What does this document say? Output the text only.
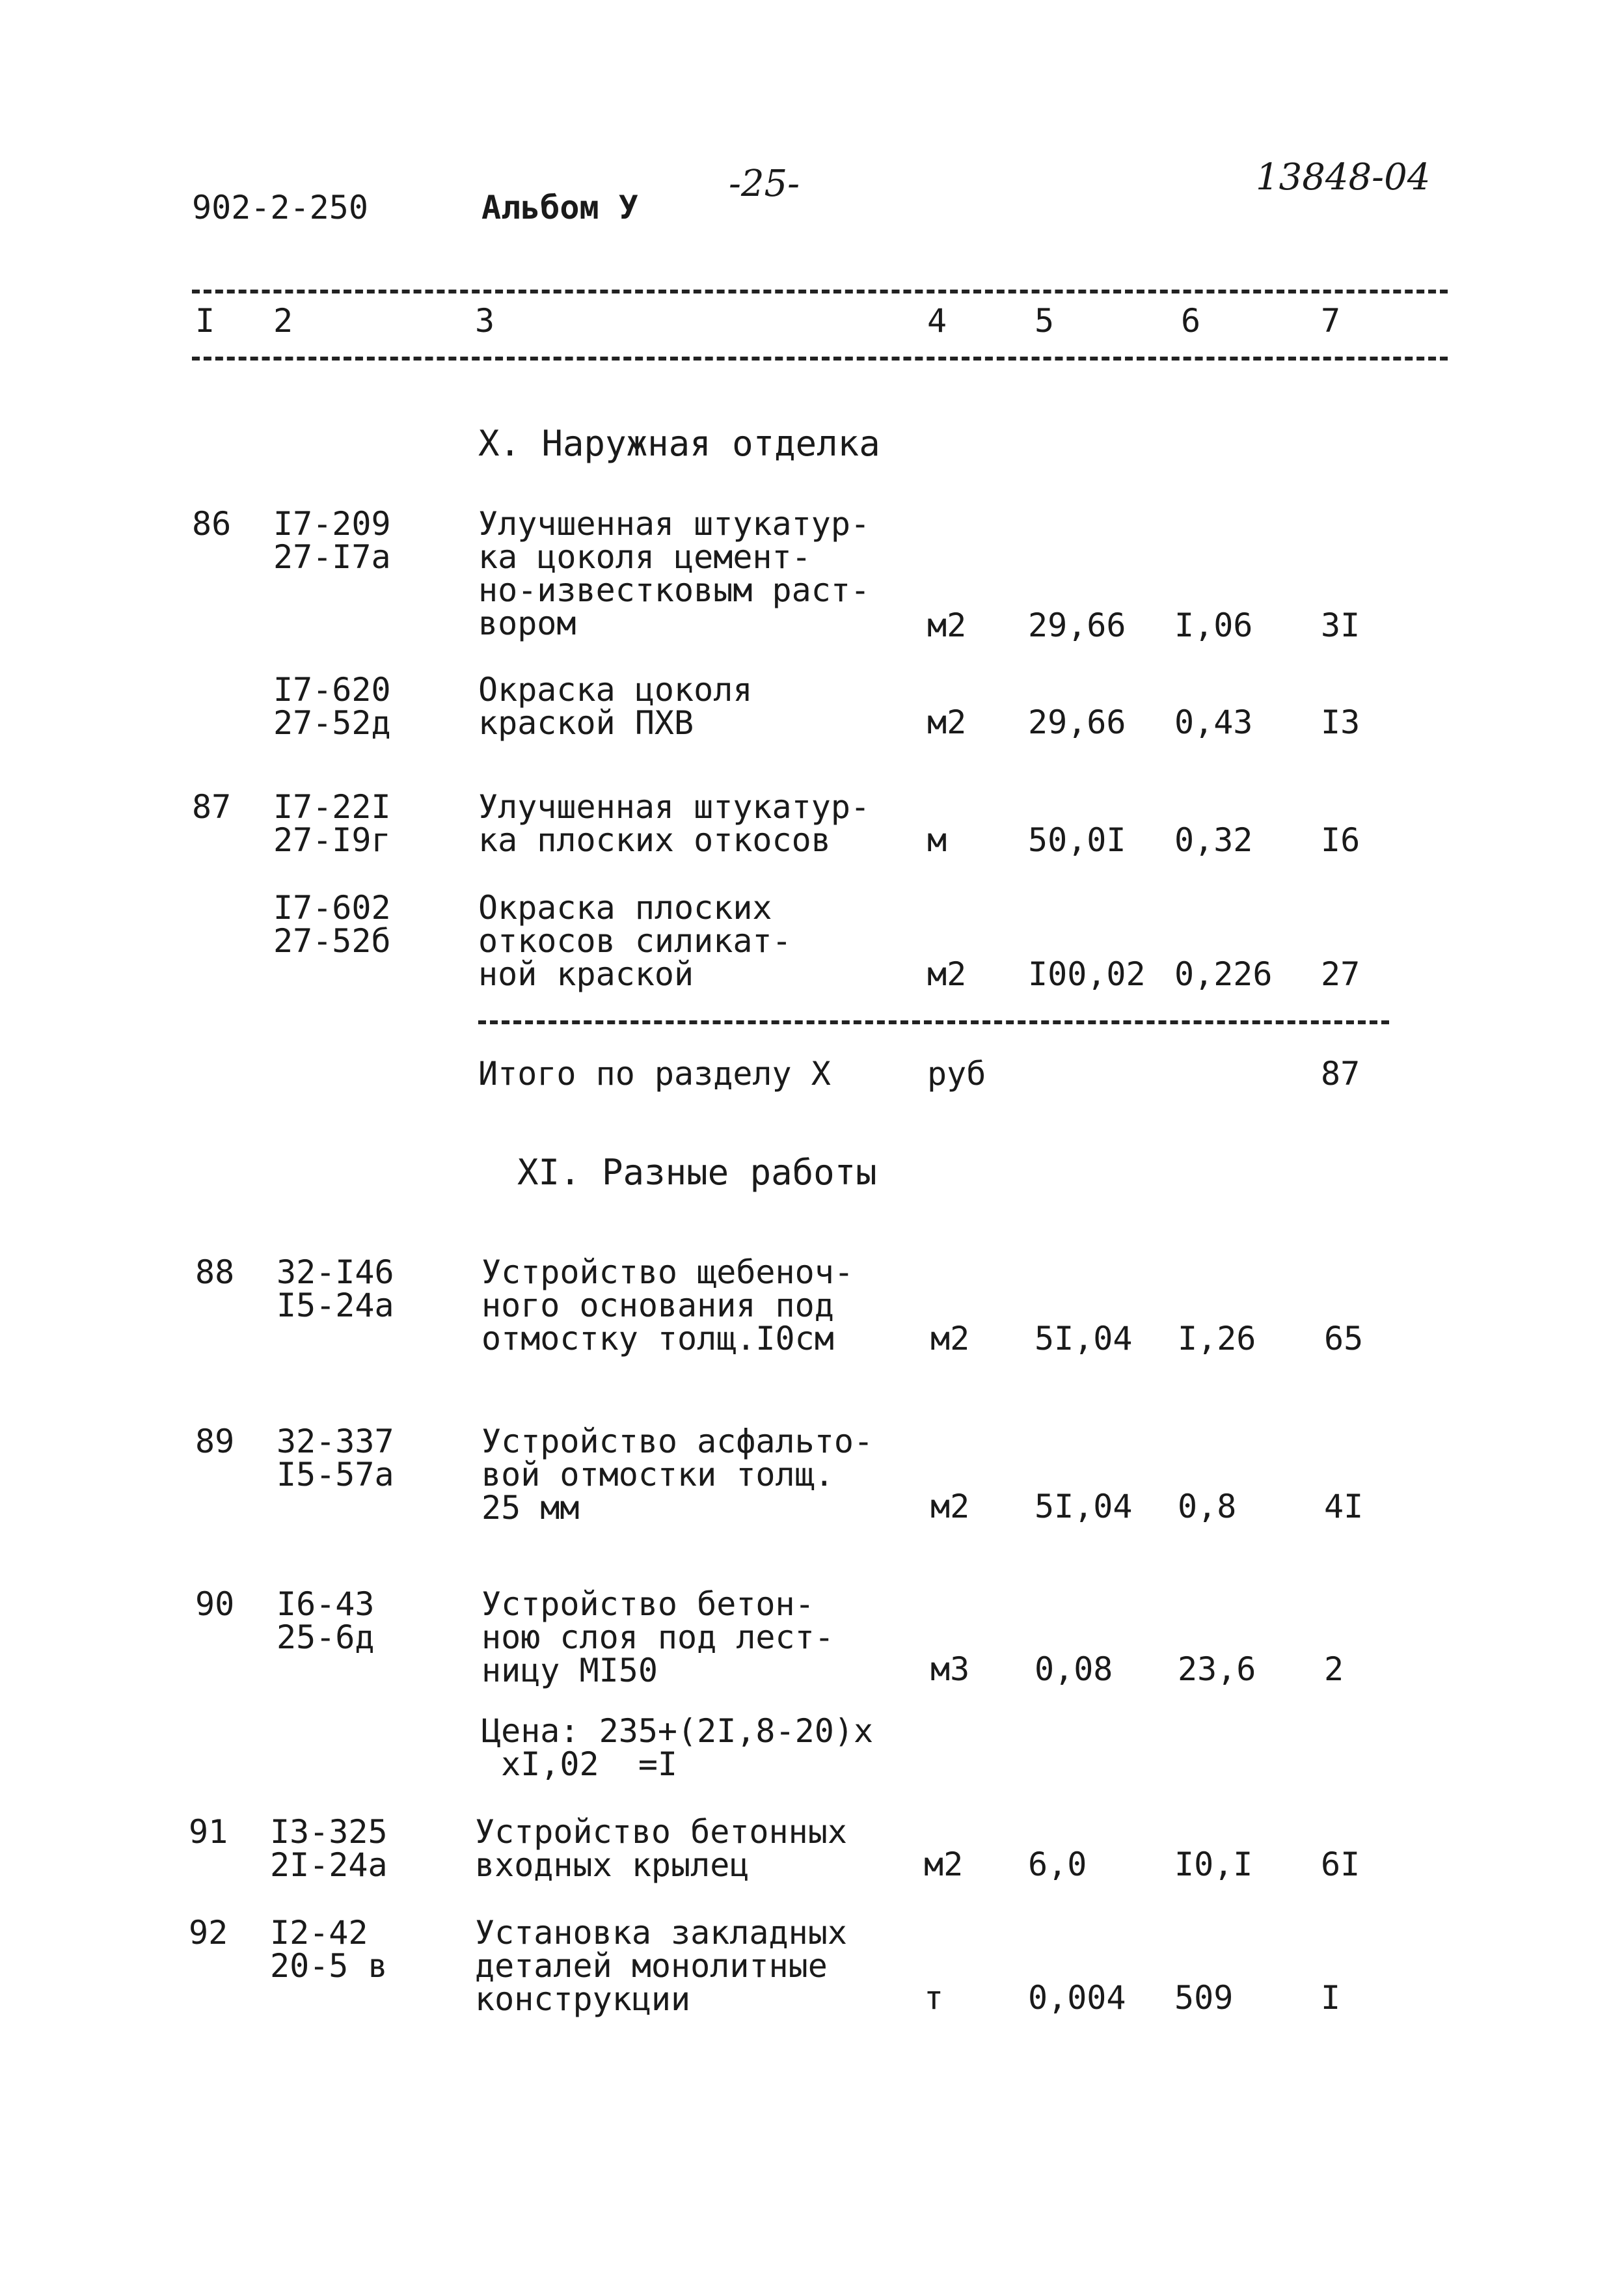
902-2-250	Альбом У
-25-	13848-04
I 2	3	4	5	6	7
X. Наружная отделка
86 I7-209
27-I7a
Улучшенная штукатур-
ка цоколя цемент-
но-известковым раст-
вором	м2 29,66 I,06 3I
I7-620
27-52д
Окраска цоколя
краской ПХВ	м2 29,66 0,43 I3
87 I7-22I
27-I9г
Улучшенная штукатур-
ка плоских откосов	м 50,0I 0,32 I6
I7-602
27-52б
Окраска плоских
откосов силикат-
ной краской	м2 I00,02 0,226 27
Итого по разделу X	руб	87
XI. Разные работы
88 32-I46
I5-24a
Устройство щебеноч-
ного основания под
отмостку толщ.I0см	м2 5I,04 I,26 65
89 32-337
I5-57a
Устройство асфальто-
вой отмостки толщ.
25 мм	м2 5I,04 0,8	4I
90 I6-43
25-6д
Устройство бетон-
ною слоя под лест-
ницу МI50	м3 0,08 23,6 2
Цена: 235+(2I,8-20)х
хI,02  =I
91 I3-325
2I-24a
Устройство бетонных
входных крылец	м2 6,0	I0,I 6I
92 I2-42
20-5 в
Установка закладных
деталей монолитные
конструкции	т	0,004 509	I
